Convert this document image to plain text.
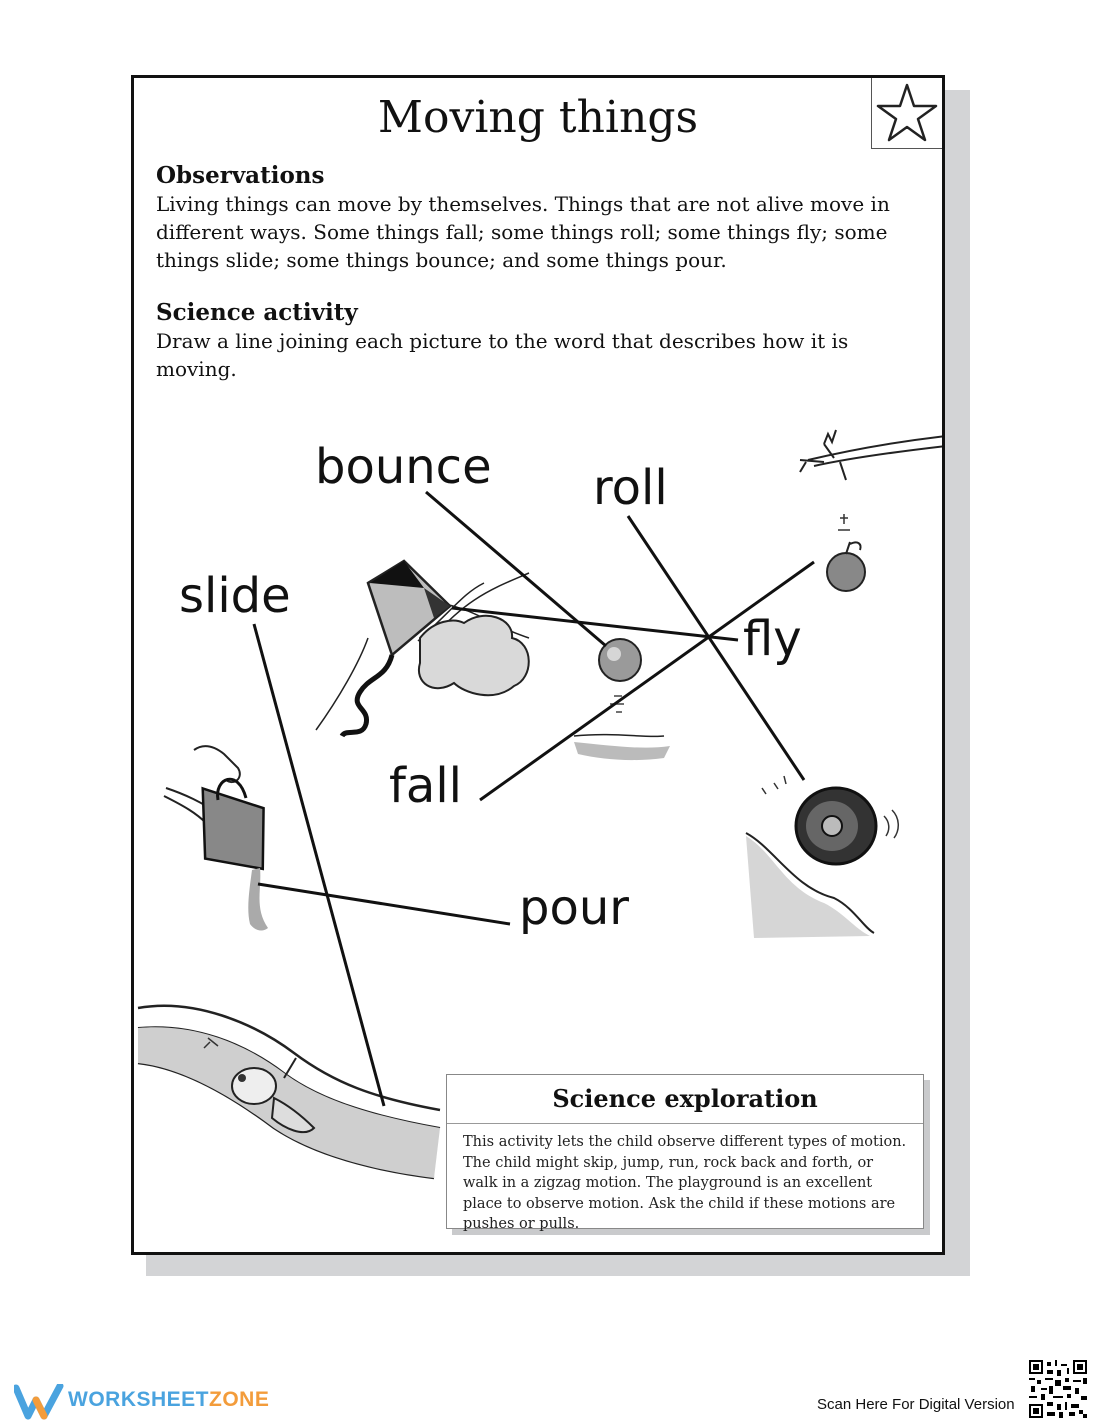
Moving things
Observations

Living things can move by themselves. Things that are not alive move in different ways. Some things fall; some things roll; some things fly; some things slide; some things bounce; and some things pour.

Science activity

Draw a line joining each picture to the word that describes how it is moving.

bounce roll
slide
fly
fall
pour
Science exploration

This activity lets the child observe different types of motion. The child might skip, jump, run, rock back and forth, or walk in a zigzag motion. The playground is an excellent place to observe motion. Ask the child if these motions are pushes or pulls.

WORKSHEETZONE	Scan Here For Digital Version
